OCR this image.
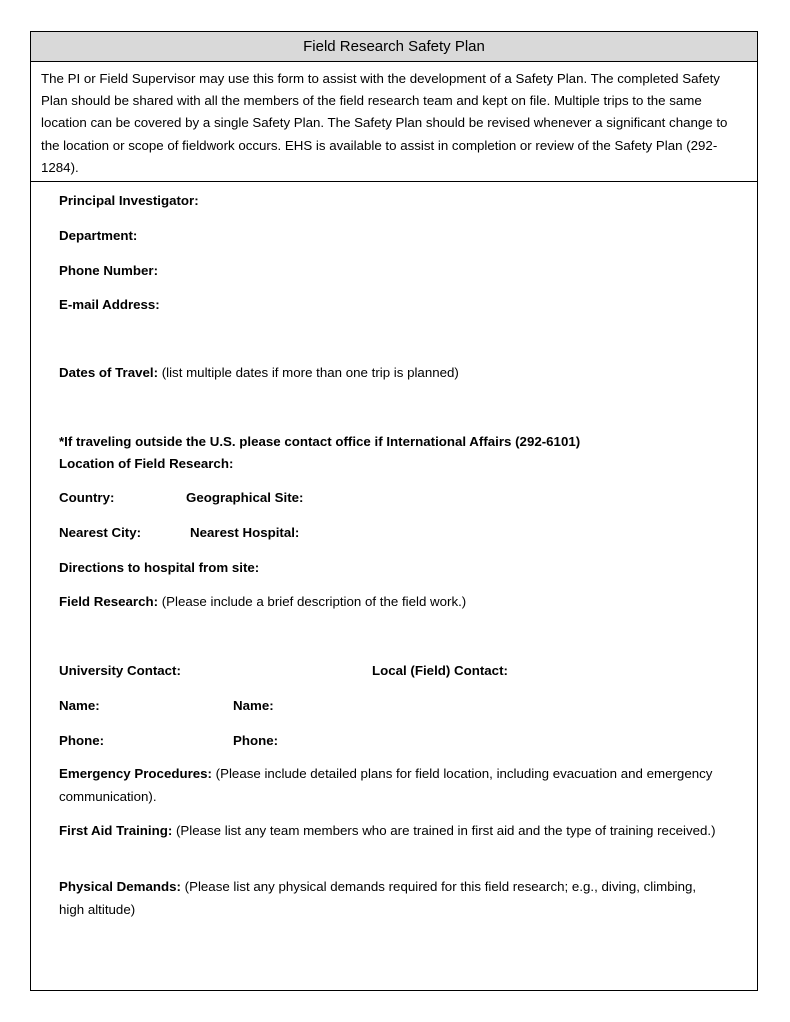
Field Research Safety Plan
The PI or Field Supervisor may use this form to assist with the development of a Safety Plan. The completed Safety Plan should be shared with all the members of the field research team and kept on file. Multiple trips to the same location can be covered by a single Safety Plan. The Safety Plan should be revised whenever a significant change to the location or scope of fieldwork occurs. EHS is available to assist in completion or review of the Safety Plan (292-1284).
Principal Investigator:
Department:
Phone Number:
E-mail Address:
Dates of Travel: (list multiple dates if more than one trip is planned)
*If traveling outside the U.S. please contact office if International Affairs (292-6101)
Location of Field Research:
Country:	Geographical Site:
Nearest City:	Nearest Hospital:
Directions to hospital from site:
Field Research: (Please include a brief description of the field work.)
University Contact:	Local (Field) Contact:
Name:	Name:
Phone:	Phone:
Emergency Procedures: (Please include detailed plans for field location, including evacuation and emergency communication).
First Aid Training: (Please list any team members who are trained in first aid and the type of training received.)
Physical Demands: (Please list any physical demands required for this field research; e.g., diving, climbing, high altitude)
